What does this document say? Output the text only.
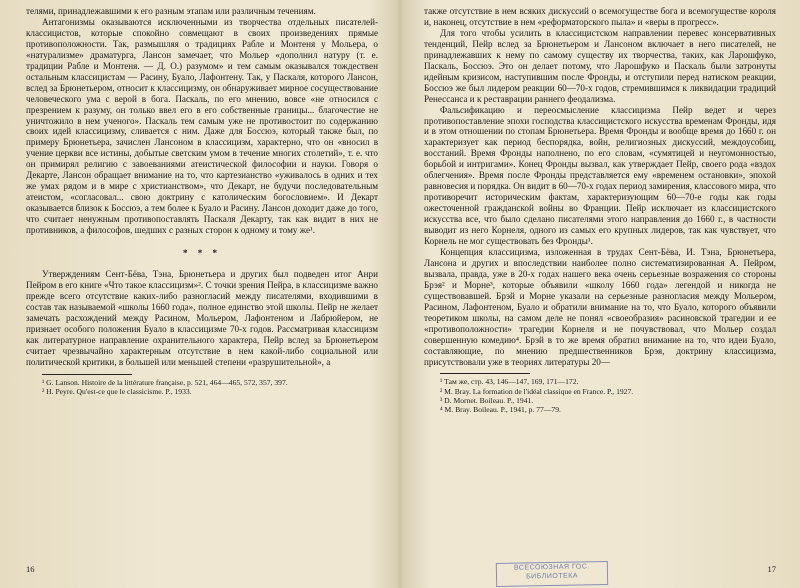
телями, принадлежавшими к его разным этапам или различным течениям.

Антагонизмы оказываются исключенными из творчества отдельных писателей-классицистов, которые спокойно совмещают в своих произведениях прямые противоположности. Так, размышляя о традициях Рабле и Монтеня у Мольера, о «натурализме» драматурга, Лансон замечает, что Мольер «дополнил натуру (т. е. традиции Рабле и Монтеня. — Д. О.) разумом» и тем самым оказывался тождествен остальным классицистам — Расину, Буало, Лафонтену. Так, у Паскаля, которого Лансон, вслед за Брюнетьером, относит к классицизму, он обнаруживает мирное сосуществование человеческого ума с верой в бога. Паскаль, по его мнению, вовсе «не относился с презрением к разуму, он только ввел его в его собственные границы... благочестие не уничтожило в нем ученого». Паскаль тем самым уже не противостоит по содержанию своих идей классицизму, сливается с ним. Даже для Боссюэ, который также был, по примеру Брюнетьера, зачислен Лансоном в классицизм, характерно, что он «вносил в учение церкви все истины, добытые светским умом в течение многих столетий», т. е. что он примирял религию с завоеваниями атеистической философии и науки. Говоря о Декарте, Лансон обращает внимание на то, что картезианство «уживалось в одних и тех же умах рядом и в мире с христианством», что Декарт, не будучи последовательным атеистом, «согласовал... свою доктрину с католическим богословием». И Декарт оказывается близок к Боссюэ, а тем более к Буало и Расину. Лансон доходит даже до того, что считает ненужным противопоставлять Паскаля Декарту, так как видит в них не противников, а философов, шедших с разных сторон к одному и тому же¹.

* * *

Утверждениям Сент-Бёва, Тэна, Брюнетьера и других был подведен итог Анри Пейром в его книге «Что такое классицизм»². С точки зрения Пейра, в классицизме важно прежде всего отсутствие каких-либо разногласий между писателями, входившими в состав так называемой «школы 1660 года», полное единство этой школы. Пейр не желает замечать расхождений между Расином, Мольером, Лафонтеном и Лабрюйером, не признает особого положения Буало в классицизме 70-х годов. Рассматривая классицизм как литературное направление охранительного характера, Пейр вслед за Брюнетьером считает чрезвычайно характерным отсутствие в нем какой-либо социальной или политической критики, в большей или меньшей степени «разрушительной», а

¹ G. Lanson. Histoire de la littérature française, p. 521, 464—465, 572, 357, 397.
² H. Peyre. Qu'est-ce que le classicisme. P., 1933.
16

также отсутствие в нем всяких дискуссий о всемогуществе бога и всемогуществе короля и, наконец, отсутствие в нем «реформаторского пыла» и «веры в прогресс».

Для того чтобы усилить в классицистском направлении перевес консервативных тенденций, Пейр вслед за Брюнетьером и Лансоном включает в него писателей, не принадлежавших к нему по самому существу их творчества, таких, как Ларошфуко, Паскаль, Боссюэ. Это он делает потому, что Ларошфуко и Паскаль были затронуты идейным кризисом, наступившим после Фронды, и отступили перед натиском реакции, Боссюэ же был лидером реакции 60—70-х годов, стремившимся к ликвидации традиций Ренессанса и к реставрации раннего феодализма.

Фальсификацию и переосмысление классицизма Пейр ведет и через противопоставление эпохи господства классицистского искусства временам Фронды, идя и в этом отношении по стопам Брюнетьера. Время Фронды и вообще время до 1660 г. он характеризует как период беспорядка, войн, религиозных дискуссий, междоусобиц, восстаний. Время Фронды наполнено, по его словам, «сумятицей и неугомонностью, борьбой и интригами». Конец Фронды вызвал, как утверждает Пейр, своего рода «вздох облегчения». Время после Фронды представляется ему «временем остановки», эпохой равновесия и порядка. Он видит в 60—70-х годах период замирения, классового мира, что противоречит историческим фактам, характеризующим 60—70-е годы как годы ожесточенной гражданской войны во Франции. Пейр исключает из классицистского искусства все, что было сделано писателями этого направления до 1660 г., в частности выводит из него Корнеля, одного из самых его крупных лидеров, так как чувствует, что Корнель не мог существовать без Фронды¹.

Концепция классицизма, изложенная в трудах Сент-Бёва, И. Тэна, Брюнетьера, Лансона и других и впоследствии наиболее полно систематизированная А. Пейром, вызвала, правда, уже в 20-х годах нашего века очень серьезные возражения со стороны Брэя² и Морне³, которые объявили «школу 1660 года» легендой и никогда не существовавшей. Брэй и Морне указали на серьезные разногласия между Мольером, Расином, Лафонтеном, Буало и обратили внимание на то, что Буало, которого объявили теоретиком школы, на самом деле не понял «своеобразия» расиновской трагедии и ее «противоположности» трагедии Корнеля и не почувствовал, что Мольер создал совершенную комедию⁴. Брэй в то же время обратил внимание на то, что идеи Буало, составляющие, по мнению предшественников Брэя, доктрину классицизма, присутствовали уже в теориях литературы 20—

¹ Там же, стр. 43, 146—147, 169, 171—172.
² M. Bray. La formation de l'idéal classique en France. P., 1927.
³ D. Mornet. Boileau. P., 1941.
⁴ M. Bray. Boileau. P., 1941, p. 77—79.
ВСЕСОЮЗНАЯ ГОС. БИБЛИОТЕКА
17
